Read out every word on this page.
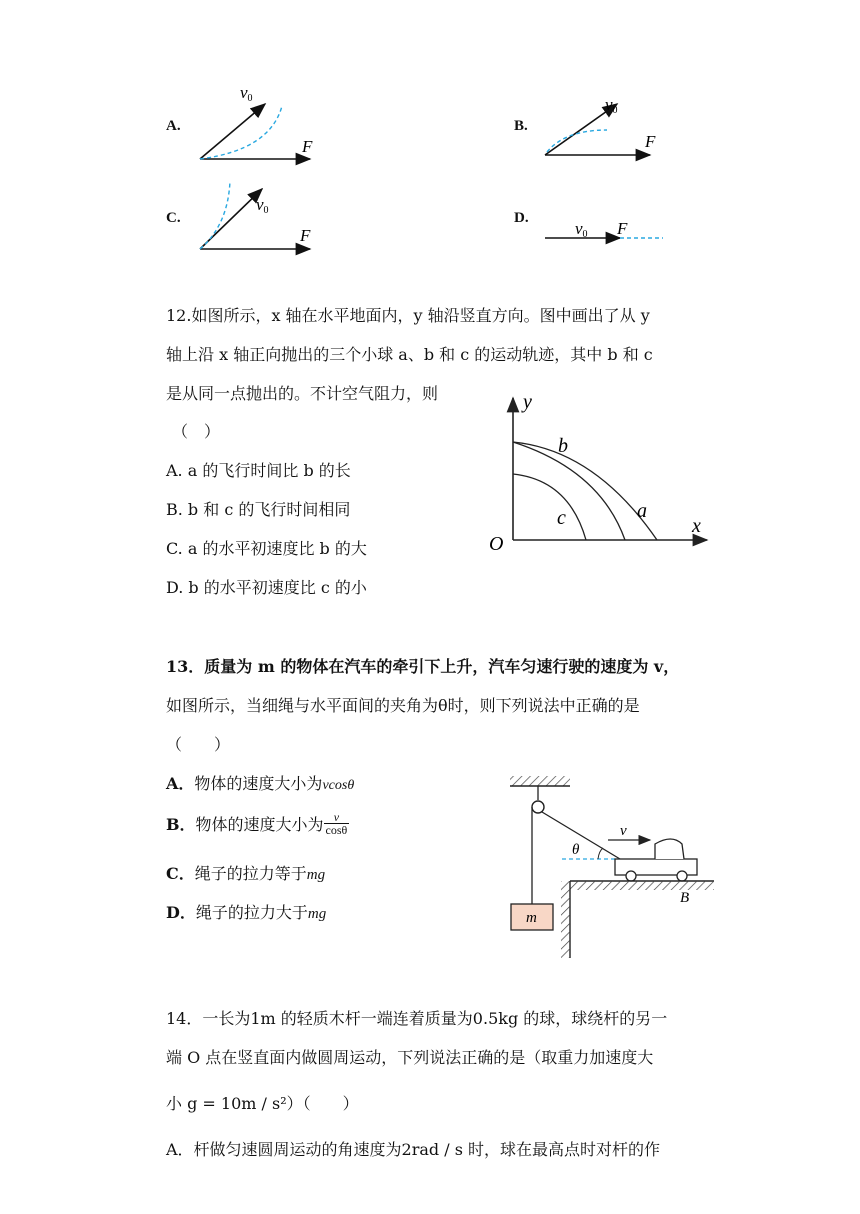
A.
v0
F
B.
v0
F
C.
v0
F
D.
v0 F
12.如图所示，x 轴在水平地面内，y 轴沿竖直方向。图中画出了从 y
轴上沿 x 轴正向抛出的三个小球 a、b 和 c 的运动轨迹，其中 b 和 c
是从同一点抛出的。不计空气阻力，则
（　）
A. a 的飞行时间比 b 的长
B. b 和 c 的飞行时间相同
C. a 的水平初速度比 b 的大
D. b 的水平初速度比 c 的小
y
x
O
b
a
c
13．质量为 m 的物体在汽车的牵引下上升，汽车匀速行驶的速度为 v，
如图所示，当细绳与水平面间的夹角为θ时，则下列说法中正确的是
（　　）
A．物体的速度大小为vcosθ
B．物体的速度大小为 $\frac{v}{\cos\theta}$
C．绳子的拉力等于mg
D．绳子的拉力大于mg	m
θ
v
B
14．一长为1m 的轻质木杆一端连着质量为0.5kg 的球，球绕杆的另一
端 O 点在竖直面内做圆周运动，下列说法正确的是（取重力加速度大
小 g = 10m / s²）（　　）
A．杆做匀速圆周运动的角速度为2rad / s 时，球在最高点时对杆的作
